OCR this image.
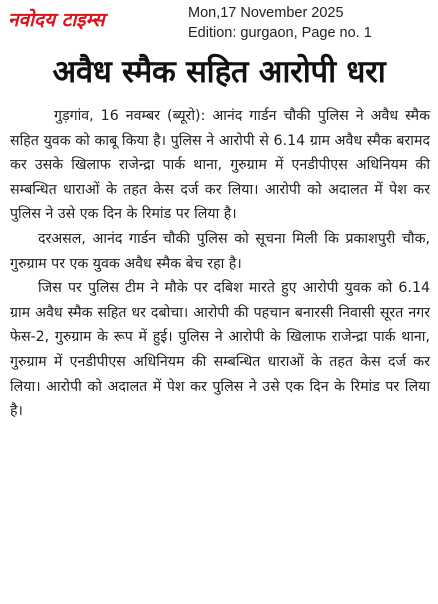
नवोदय टाइम्स	Mon,17 November 2025
Edition: gurgaon, Page no. 1
अवैध स्मैक सहित आरोपी धरा

गुड़गांव, 16 नवम्बर (ब्यूरो): आनंद गार्डन चौकी पुलिस ने अवैध स्मैक सहित युवक को काबू किया है। पुलिस ने आरोपी से 6.14 ग्राम अवैध स्मैक बरामद कर उसके खिलाफ राजेन्द्रा पार्क थाना, गुरुग्राम में एनडीपीएस अधिनियम की सम्बन्धित धाराओं के तहत केस दर्ज कर लिया। आरोपी को अदालत में पेश कर पुलिस ने उसे एक दिन के रिमांड पर लिया है।

दरअसल, आनंद गार्डन चौकी पुलिस को सूचना मिली कि प्रकाशपुरी चौक, गुरुग्राम पर एक युवक अवैध स्मैक बेच रहा है।

जिस पर पुलिस टीम ने मौके पर दबिश मारते हुए आरोपी युवक को 6.14 ग्राम अवैध स्मैक सहित धर दबोचा। आरोपी की पहचान बनारसी निवासी सूरत नगर फेस-2, गुरुग्राम के रूप में हुई। पुलिस ने आरोपी के खिलाफ राजेन्द्रा पार्क थाना, गुरुग्राम में एनडीपीएस अधिनियम की सम्बन्धित धाराओं के तहत केस दर्ज कर लिया। आरोपी को अदालत में पेश कर पुलिस ने उसे एक दिन के रिमांड पर लिया है।
